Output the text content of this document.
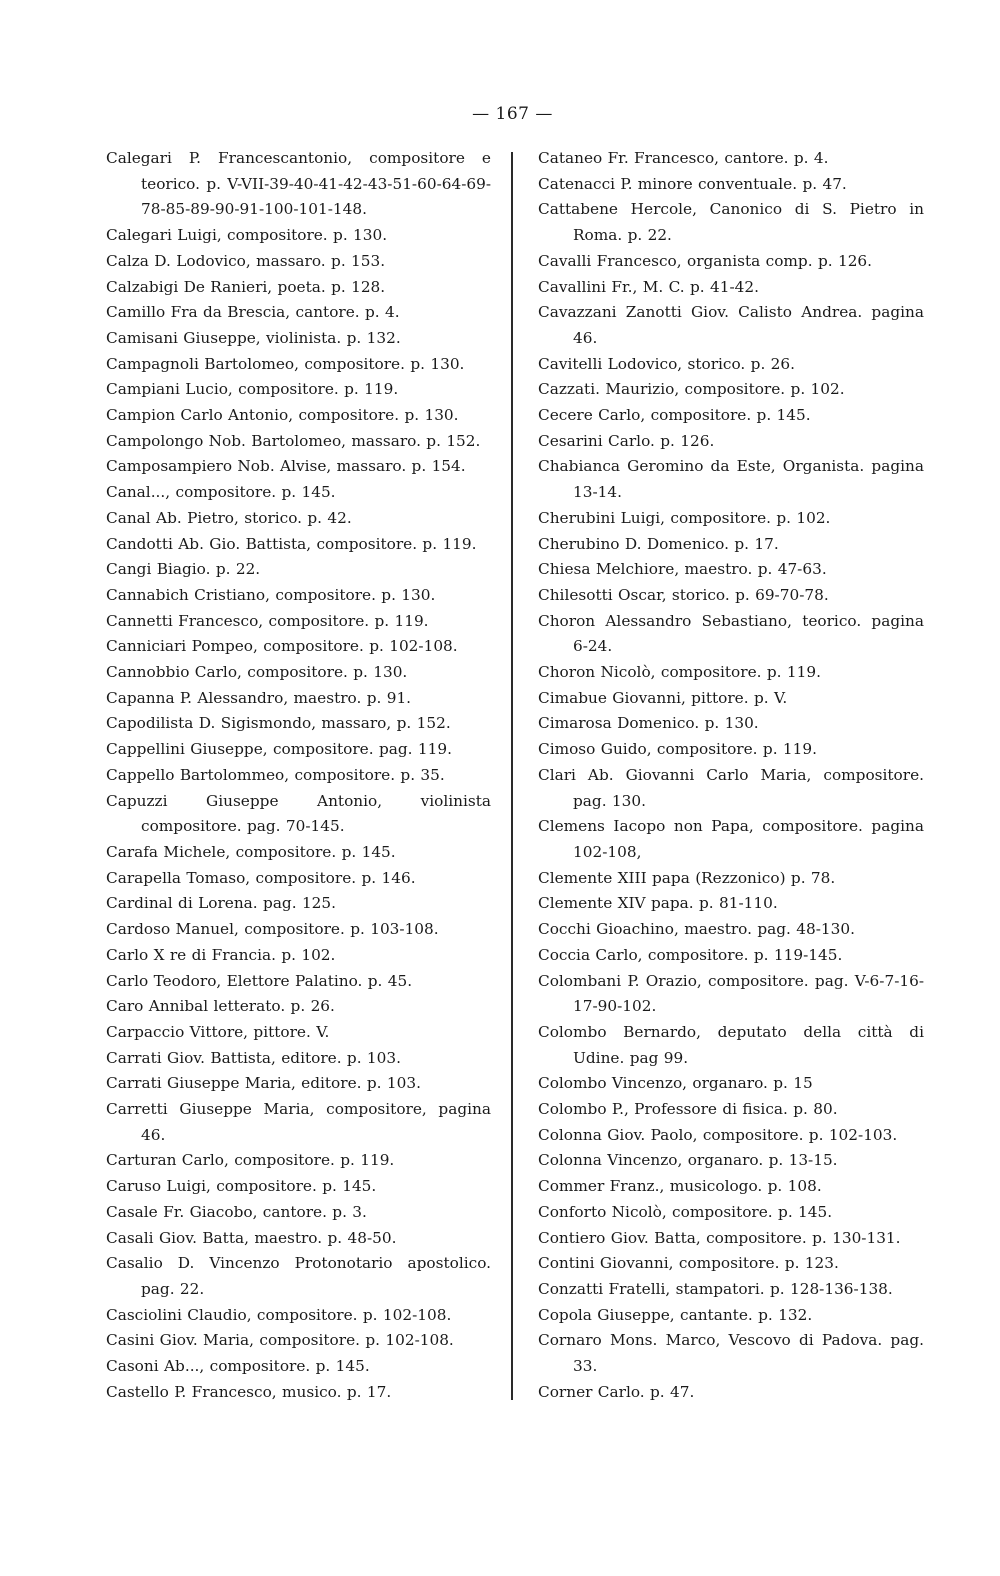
— 167 —

Calegari P. Francescantonio, compositore e teorico. p. V-VII-39-40-41-42-43-51-60-64-69-78-85-89-90-91-100-101-148.

Calegari Luigi, compositore. p. 130.

Calza D. Lodovico, massaro. p. 153.

Calzabigi De Ranieri, poeta. p. 128.

Camillo Fra da Brescia, cantore. p. 4.

Camisani Giuseppe, violinista. p. 132.

Campagnoli Bartolomeo, compositore. p. 130.

Campiani Lucio, compositore. p. 119.

Campion Carlo Antonio, compositore. p. 130.

Campolongo Nob. Bartolomeo, massaro. p. 152.

Camposampiero Nob. Alvise, massaro. p. 154.

Canal..., compositore. p. 145.

Canal Ab. Pietro, storico. p. 42.

Candotti Ab. Gio. Battista, compositore. p. 119.

Cangi Biagio. p. 22.

Cannabich Cristiano, compositore. p. 130.

Cannetti Francesco, compositore. p. 119.

Canniciari Pompeo, compositore. p. 102-108.

Cannobbio Carlo, compositore. p. 130.

Capanna P. Alessandro, maestro. p. 91.

Capodilista D. Sigismondo, massaro, p. 152.

Cappellini Giuseppe, compositore. pag. 119.

Cappello Bartolommeo, compositore. p. 35.

Capuzzi Giuseppe Antonio, violinista compositore. pag. 70-145.

Carafa Michele, compositore. p. 145.

Carapella Tomaso, compositore. p. 146.

Cardinal di Lorena. pag. 125.

Cardoso Manuel, compositore. p. 103-108.

Carlo X re di Francia. p. 102.

Carlo Teodoro, Elettore Palatino. p. 45.

Caro Annibal letterato. p. 26.

Carpaccio Vittore, pittore. V.

Carrati Giov. Battista, editore. p. 103.

Carrati Giuseppe Maria, editore. p. 103.

Carretti Giuseppe Maria, compositore, pagina 46.

Carturan Carlo, compositore. p. 119.

Caruso Luigi, compositore. p. 145.

Casale Fr. Giacobo, cantore. p. 3.

Casali Giov. Batta, maestro. p. 48-50.

Casalio D. Vincenzo Protonotario apostolico. pag. 22.

Casciolini Claudio, compositore. p. 102-108.

Casini Giov. Maria, compositore. p. 102-108.

Casoni Ab..., compositore. p. 145.

Castello P. Francesco, musico. p. 17.

Cataneo Fr. Francesco, cantore. p. 4.

Catenacci P. minore conventuale. p. 47.

Cattabene Hercole, Canonico di S. Pietro in Roma. p. 22.

Cavalli Francesco, organista comp. p. 126.

Cavallini Fr., M. C. p. 41-42.

Cavazzani Zanotti Giov. Calisto Andrea. pagina 46.

Cavitelli Lodovico, storico. p. 26.

Cazzati. Maurizio, compositore. p. 102.

Cecere Carlo, compositore. p. 145.

Cesarini Carlo. p. 126.

Chabianca Geromino da Este, Organista. pagina 13-14.

Cherubini Luigi, compositore. p. 102.

Cherubino D. Domenico. p. 17.

Chiesa Melchiore, maestro. p. 47-63.

Chilesotti Oscar, storico. p. 69-70-78.

Choron Alessandro Sebastiano, teorico. pagina 6-24.

Choron Nicolò, compositore. p. 119.

Cimabue Giovanni, pittore. p. V.

Cimarosa Domenico. p. 130.

Cimoso Guido, compositore. p. 119.

Clari Ab. Giovanni Carlo Maria, compositore. pag. 130.

Clemens Iacopo non Papa, compositore. pagina 102-108,

Clemente XIII papa (Rezzonico) p. 78.

Clemente XIV papa. p. 81-110.

Cocchi Gioachino, maestro. pag. 48-130.

Coccia Carlo, compositore. p. 119-145.

Colombani P. Orazio, compositore. pag. V-6-7-16-17-90-102.

Colombo Bernardo, deputato della città di Udine. pag 99.

Colombo Vincenzo, organaro. p. 15

Colombo P., Professore di fisica. p. 80.

Colonna Giov. Paolo, compositore. p. 102-103.

Colonna Vincenzo, organaro. p. 13-15.

Commer Franz., musicologo. p. 108.

Conforto Nicolò, compositore. p. 145.

Contiero Giov. Batta, compositore. p. 130-131.

Contini Giovanni, compositore. p. 123.

Conzatti Fratelli, stampatori. p. 128-136-138.

Copola Giuseppe, cantante. p. 132.

Cornaro Mons. Marco, Vescovo di Padova. pag. 33.

Corner Carlo. p. 47.
